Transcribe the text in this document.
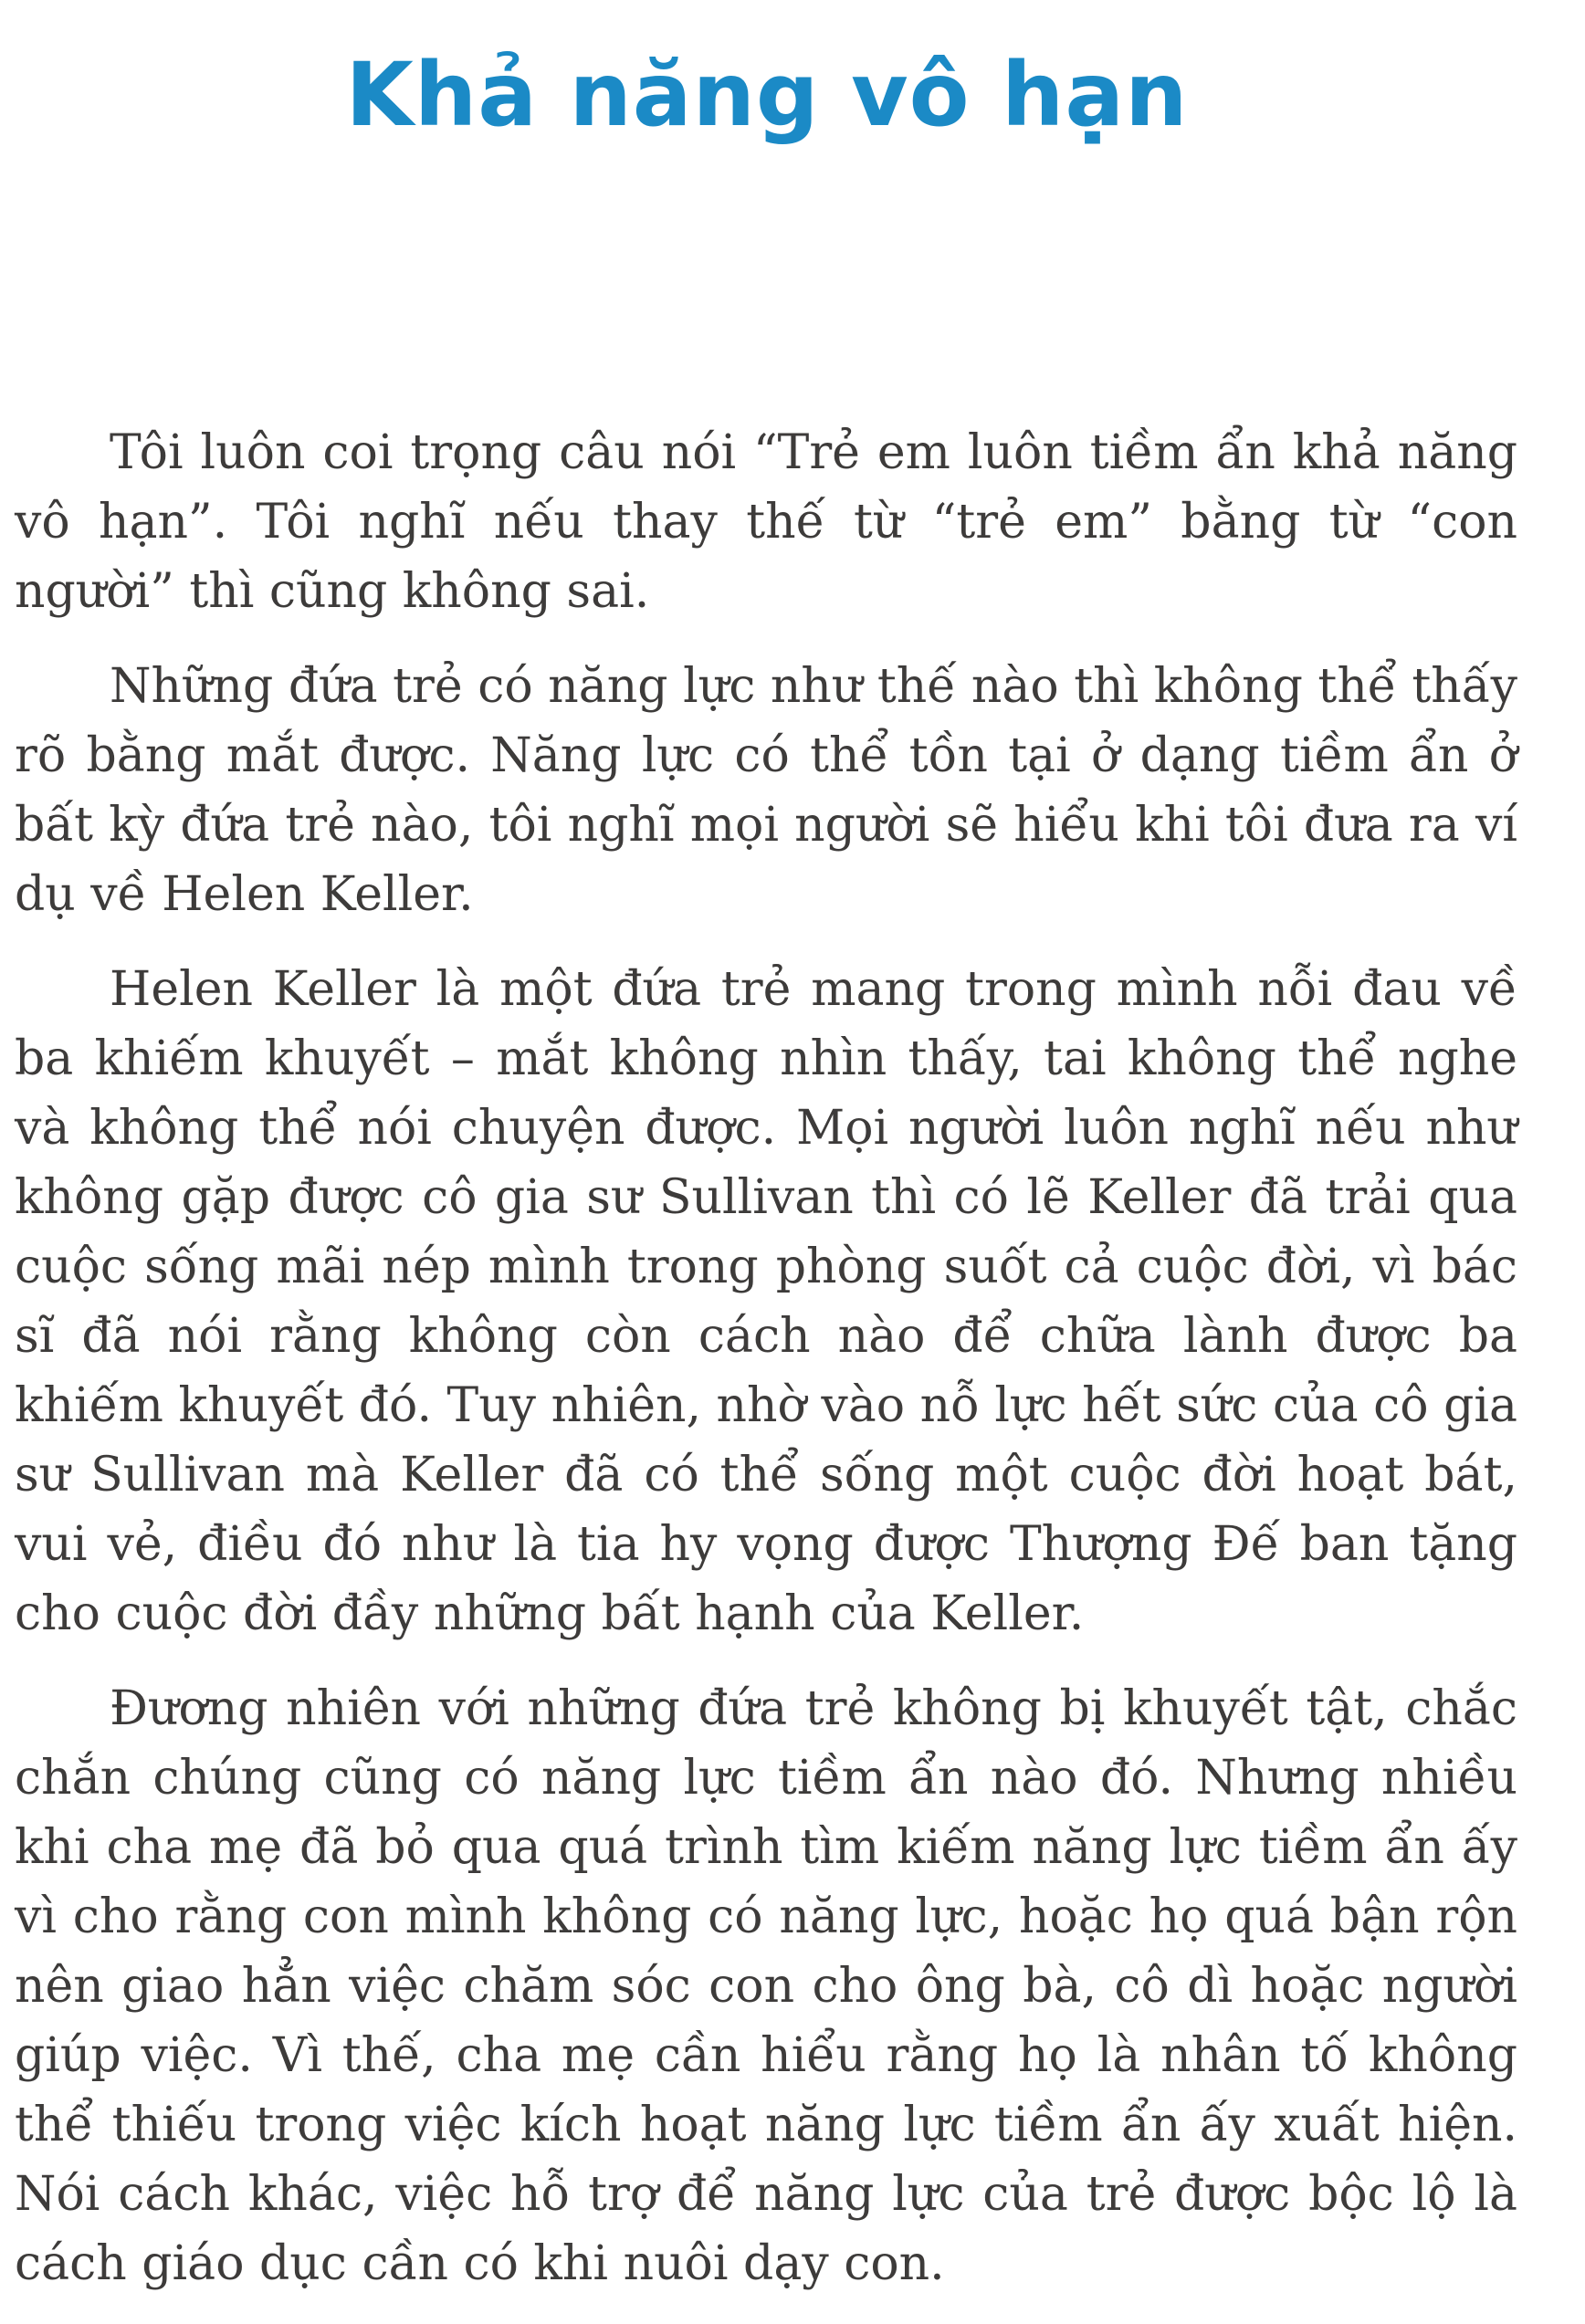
Khả năng vô hạn

Tôi luôn coi trọng câu nói “Trẻ em luôn tiềm ẩn khả năng vô hạn”. Tôi nghĩ nếu thay thế từ “trẻ em” bằng từ “con người” thì cũng không sai.

Những đứa trẻ có năng lực như thế nào thì không thể thấy rõ bằng mắt được. Năng lực có thể tồn tại ở dạng tiềm ẩn ở bất kỳ đứa trẻ nào, tôi nghĩ mọi người sẽ hiểu khi tôi đưa ra ví dụ về Helen Keller.

Helen Keller là một đứa trẻ mang trong mình nỗi đau về ba khiếm khuyết – mắt không nhìn thấy, tai không thể nghe và không thể nói chuyện được. Mọi người luôn nghĩ nếu như không gặp được cô gia sư Sullivan thì có lẽ Keller đã trải qua cuộc sống mãi nép mình trong phòng suốt cả cuộc đời, vì bác sĩ đã nói rằng không còn cách nào để chữa lành được ba khiếm khuyết đó. Tuy nhiên, nhờ vào nỗ lực hết sức của cô gia sư Sullivan mà Keller đã có thể sống một cuộc đời hoạt bát, vui vẻ, điều đó như là tia hy vọng được Thượng Đế ban tặng cho cuộc đời đầy những bất hạnh của Keller.

Đương nhiên với những đứa trẻ không bị khuyết tật, chắc chắn chúng cũng có năng lực tiềm ẩn nào đó. Nhưng nhiều khi cha mẹ đã bỏ qua quá trình tìm kiếm năng lực tiềm ẩn ấy vì cho rằng con mình không có năng lực, hoặc họ quá bận rộn nên giao hẳn việc chăm sóc con cho ông bà, cô dì hoặc người giúp việc. Vì thế, cha mẹ cần hiểu rằng họ là nhân tố không thể thiếu trong việc kích hoạt năng lực tiềm ẩn ấy xuất hiện. Nói cách khác, việc hỗ trợ để năng lực của trẻ được bộc lộ là cách giáo dục cần có khi nuôi dạy con.
